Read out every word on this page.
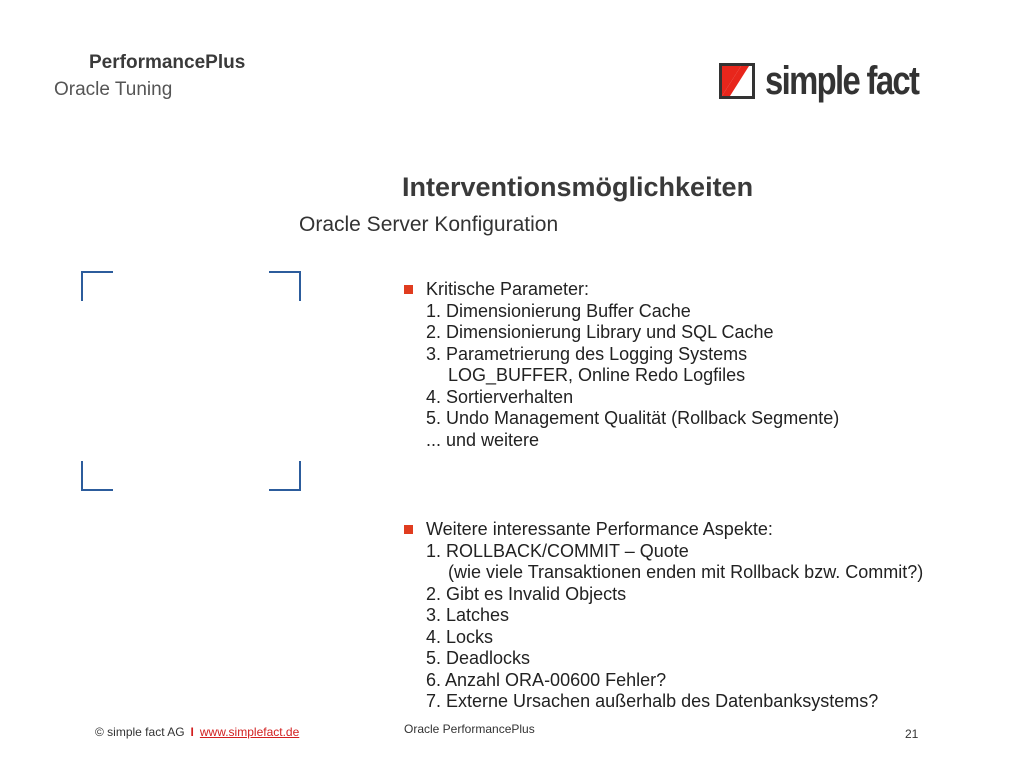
PerformancePlus
Oracle Tuning	simple fact
Interventionsmöglichkeiten
Oracle Server Konfiguration
Kritische Parameter:
1. Dimensionierung Buffer Cache
2. Dimensionierung Library und SQL Cache
3. Parametrierung des Logging Systems
LOG_BUFFER, Online Redo Logfiles
4. Sortierverhalten
5. Undo Management Qualität (Rollback Segmente)
... und weitere
Weitere interessante Performance Aspekte:
1. ROLLBACK/COMMIT – Quote
(wie viele Transaktionen enden mit Rollback bzw. Commit?)
2. Gibt es Invalid Objects
3. Latches
4. Locks
5. Deadlocks
6. Anzahl ORA-00600 Fehler?
7. Externe Ursachen außerhalb des Datenbanksystems?
© simple fact AG I www.simplefact.de	Oracle PerformancePlus	21
